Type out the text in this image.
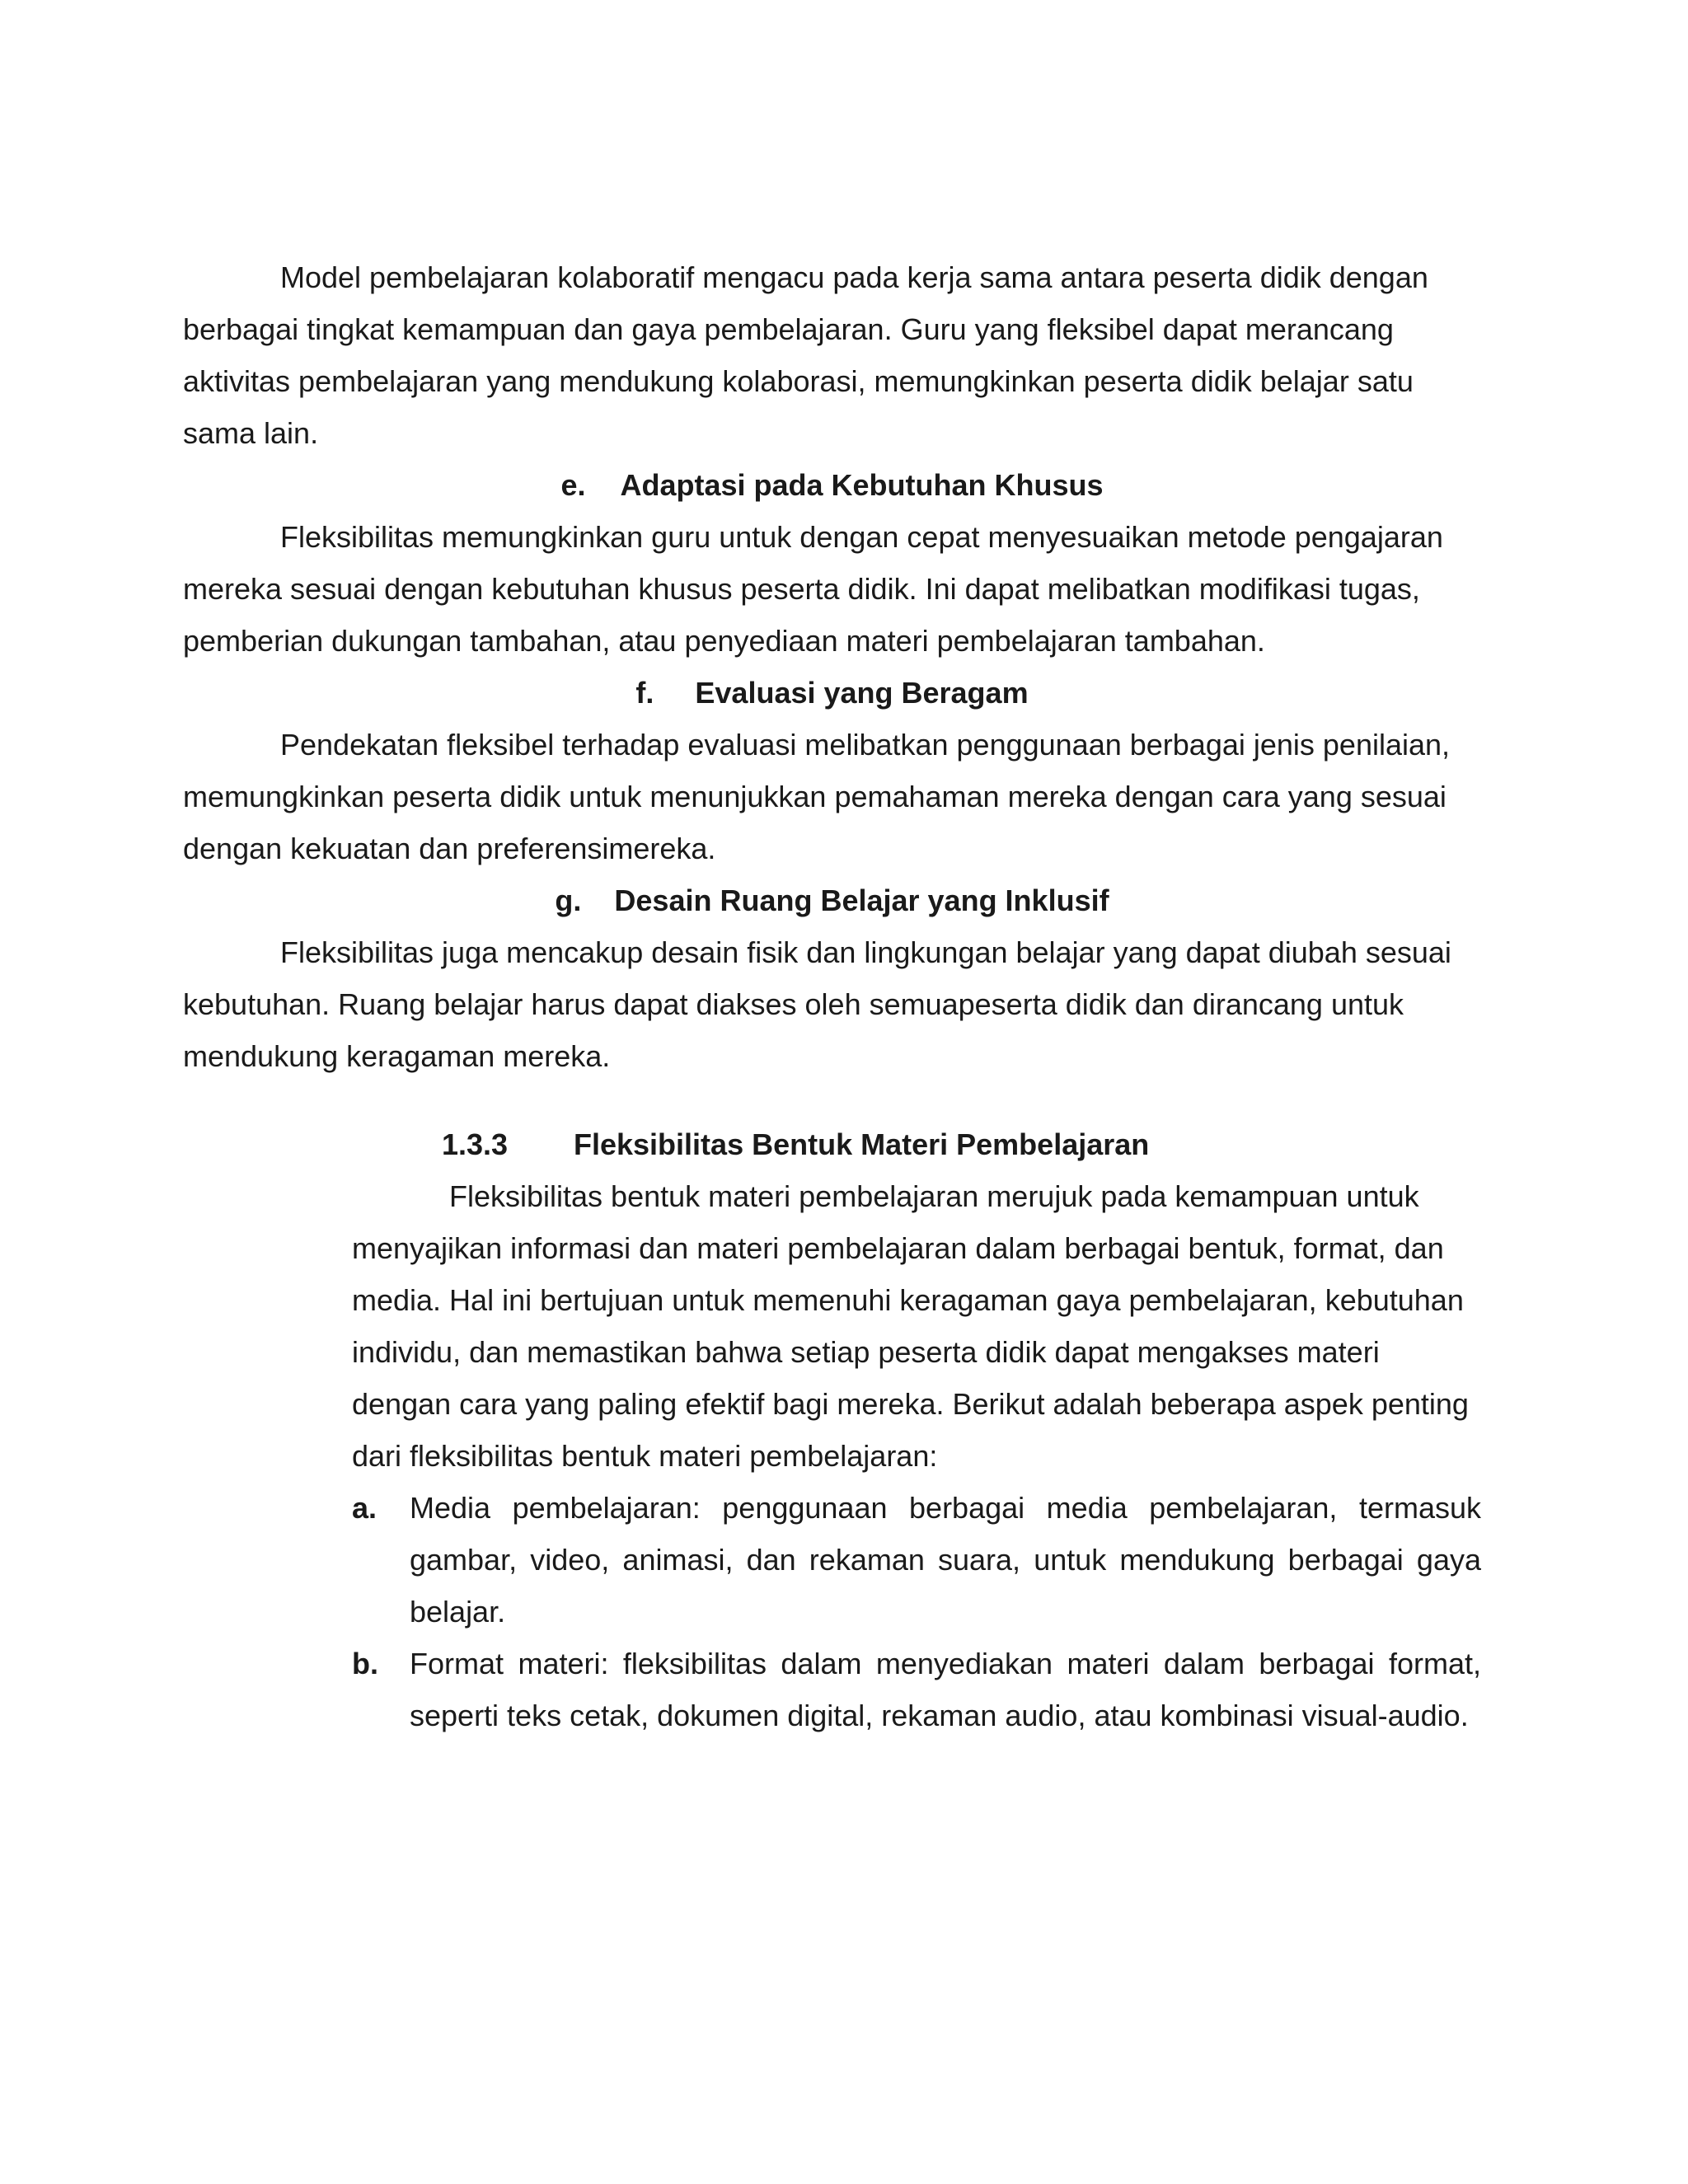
Model pembelajaran kolaboratif mengacu pada kerja sama antara peserta didik dengan berbagai tingkat kemampuan dan gaya pembelajaran. Guru yang fleksibel dapat merancang aktivitas pembelajaran yang mendukung kolaborasi, memungkinkan peserta didik belajar satu sama lain.

e.	Adaptasi pada Kebutuhan Khusus

Fleksibilitas memungkinkan guru untuk dengan cepat menyesuaikan metode pengajaran mereka sesuai dengan kebutuhan khusus peserta didik. Ini dapat melibatkan modifikasi tugas, pemberian dukungan tambahan, atau penyediaan materi pembelajaran tambahan.

f.	Evaluasi yang Beragam

Pendekatan fleksibel terhadap evaluasi melibatkan penggunaan berbagai jenis penilaian, memungkinkan peserta didik untuk menunjukkan pemahaman mereka dengan cara yang sesuai dengan kekuatan dan preferensimereka.

g.	Desain Ruang Belajar yang Inklusif

Fleksibilitas juga mencakup desain fisik dan lingkungan belajar yang dapat diubah sesuai kebutuhan. Ruang belajar harus dapat diakses oleh semuapeserta didik dan dirancang untuk mendukung keragaman mereka.

1.3.3	Fleksibilitas Bentuk Materi Pembelajaran

Fleksibilitas bentuk materi pembelajaran merujuk pada kemampuan untuk menyajikan informasi dan materi pembelajaran dalam berbagai bentuk, format, dan media. Hal ini bertujuan untuk memenuhi keragaman gaya pembelajaran, kebutuhan individu, dan memastikan bahwa setiap peserta didik dapat mengakses materi dengan cara yang paling efektif bagi mereka. Berikut adalah beberapa aspek penting dari fleksibilitas bentuk materi pembelajaran:

a.	Media pembelajaran: penggunaan berbagai media pembelajaran, termasuk gambar, video, animasi, dan rekaman suara, untuk mendukung berbagai gaya belajar.
b.	Format materi: fleksibilitas dalam menyediakan materi dalam berbagai format, seperti teks cetak, dokumen digital, rekaman audio, atau kombinasi visual-audio.
